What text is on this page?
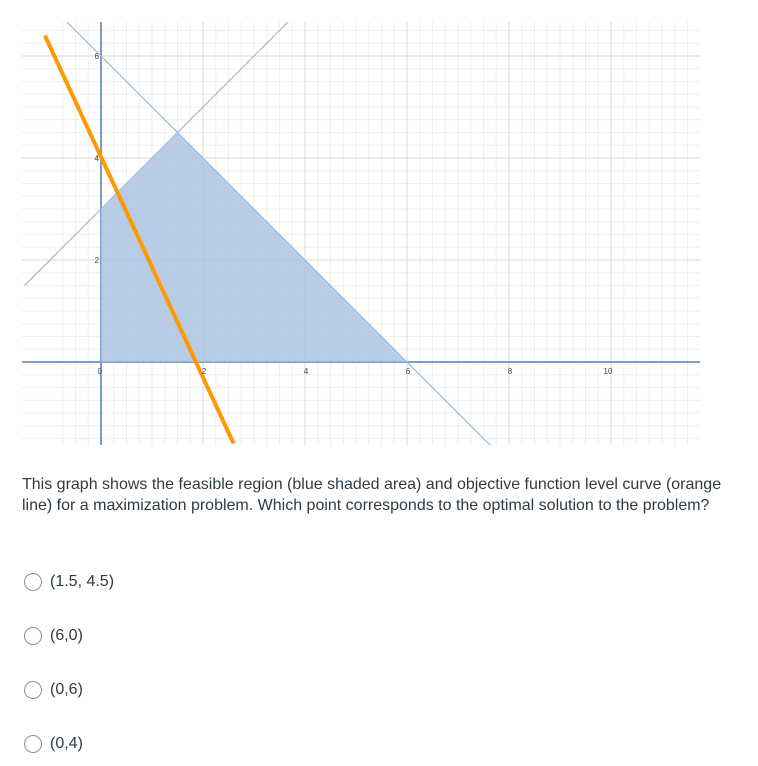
0	2	4	6	8	10
2
4
6
This graph shows the feasible region (blue shaded area) and objective function level curve (orange line) for a maximization problem. Which point corresponds to the optimal solution to the problem?
(1.5, 4.5)
(6,0)
(0,6)
(0,4)
